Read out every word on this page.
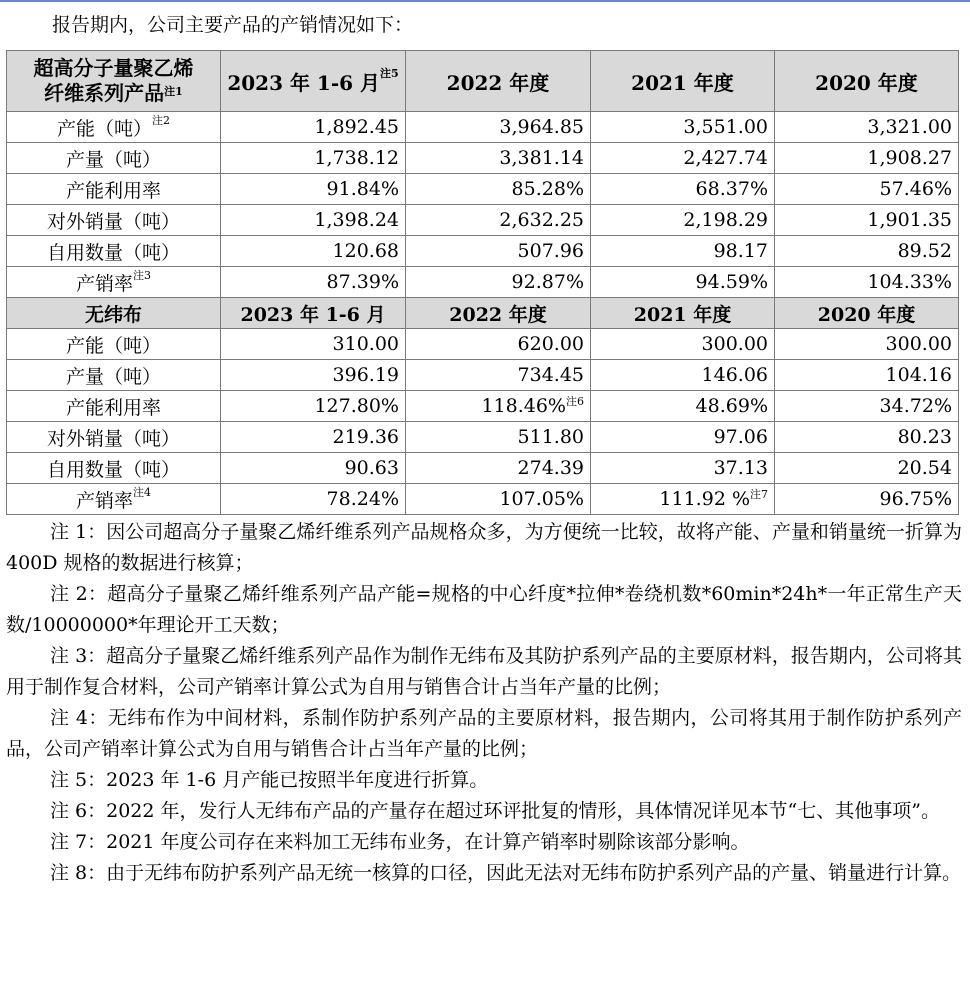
报告期内，公司主要产品的产销情况如下：
超高分子量聚乙烯
纤维系列产品$^{注1}$	2023 年 1-6 月$^{注5}$	2022 年度	2021 年度	2020 年度
产能（吨）$^{注2}$	1,892.45	3,964.85	3,551.00	3,321.00
产量（吨）	1,738.12	3,381.14	2,427.74	1,908.27
产能利用率	91.84%	85.28%	68.37%	57.46%
对外销量（吨）	1,398.24	2,632.25	2,198.29	1,901.35
自用数量（吨）	120.68	507.96	98.17	89.52
产销率$^{注3}$	87.39%	92.87%	94.59%	104.33%
无纬布	2023 年 1-6 月	2022 年度	2021 年度	2020 年度
产能（吨）	310.00	620.00	300.00	300.00
产量（吨）	396.19	734.45	146.06	104.16
产能利用率	127.80%	118.46%$^{注6}$	48.69%	34.72%
对外销量（吨）	219.36	511.80	97.06	80.23
自用数量（吨）	90.63	274.39	37.13	20.54
产销率$^{注4}$	78.24%	107.05%	111.92 %$^{注7}$	96.75%

注 1：因公司超高分子量聚乙烯纤维系列产品规格众多，为方便统一比较，故将产能、产量和销量统一折算为 400D 规格的数据进行核算；

注 2：超高分子量聚乙烯纤维系列产品产能=规格的中心纤度*拉伸*卷绕机数*60min*24h*一年正常生产天数/10000000*年理论开工天数；

注 3：超高分子量聚乙烯纤维系列产品作为制作无纬布及其防护系列产品的主要原材料，报告期内，公司将其用于制作复合材料，公司产销率计算公式为自用与销售合计占当年产量的比例；

注 4：无纬布作为中间材料，系制作防护系列产品的主要原材料，报告期内，公司将其用于制作防护系列产品，公司产销率计算公式为自用与销售合计占当年产量的比例；

注 5：2023 年 1-6 月产能已按照半年度进行折算。

注 6：2022 年，发行人无纬布产品的产量存在超过环评批复的情形，具体情况详见本节“七、其他事项”。

注 7：2021 年度公司存在来料加工无纬布业务，在计算产销率时剔除该部分影响。

注 8：由于无纬布防护系列产品无统一核算的口径，因此无法对无纬布防护系列产品的产量、销量进行计算。
